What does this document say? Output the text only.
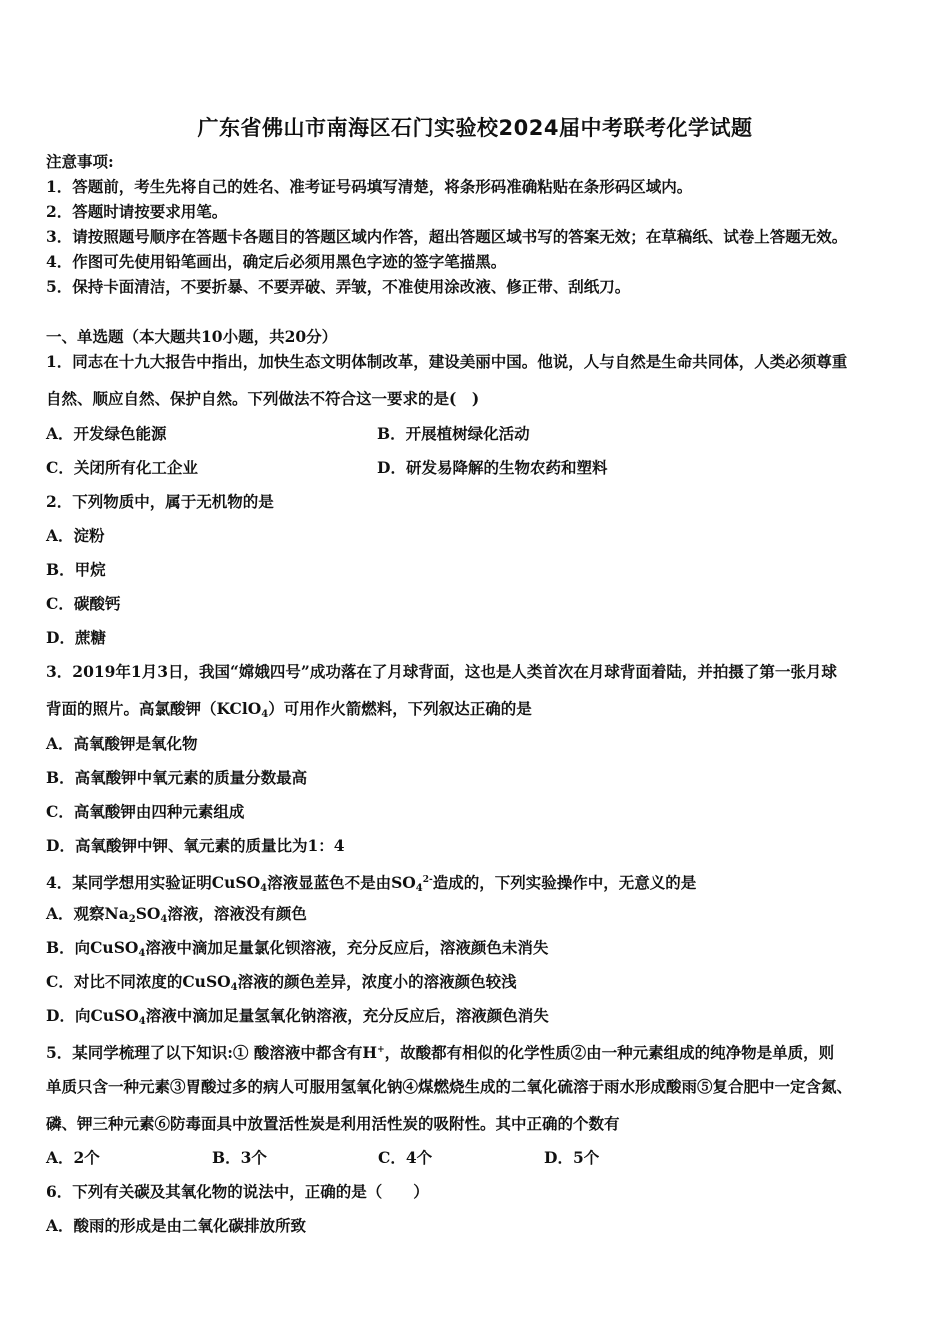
广东省佛山市南海区石门实验校2024届中考联考化学试题
注意事项:
1．答题前，考生先将自己的姓名、准考证号码填写清楚，将条形码准确粘贴在条形码区域内。
2．答题时请按要求用笔。
3．请按照题号顺序在答题卡各题目的答题区域内作答，超出答题区域书写的答案无效；在草稿纸、试卷上答题无效。
4．作图可先使用铅笔画出，确定后必须用黑色字迹的签字笔描黑。
5．保持卡面清洁，不要折暴、不要弄破、弄皱，不准使用涂改液、修正带、刮纸刀。
一、单选题（本大题共10小题，共20分）
1．同志在十九大报告中指出，加快生态文明体制改革，建设美丽中国。他说，人与自然是生命共同体，人类必须尊重
自然、顺应自然、保护自然。下列做法不符合这一要求的是(　)
A．开发绿色能源	B．开展植树绿化活动
C．关闭所有化工企业	D．研发易降解的生物农药和塑料
2．下列物质中，属于无机物的是
A．淀粉
B．甲烷
C．碳酸钙
D．蔗糖
3．2019年1月3日，我国“嫦娥四号”成功落在了月球背面，这也是人类首次在月球背面着陆，并拍摄了第一张月球
背面的照片。高氯酸钾（KClO$_4$）可用作火箭燃料，下列叙达正确的是
A．高氧酸钾是氧化物
B．高氧酸钾中氧元素的质量分数最高
C．高氧酸钾由四种元素组成
D．高氧酸钾中钾、氧元素的质量比为1：4
4．某同学想用实验证明CuSO$_4$溶液显蓝色不是由$SO_4^{2-}$造成的，下列实验操作中，无意义的是
A．观察$Na_2SO_4$溶液，溶液没有颜色
B．向CuSO$_4$溶液中滴加足量氯化钡溶液，充分反应后，溶液颜色未消失
C．对比不同浓度的CuSO$_4$溶液的颜色差异，浓度小的溶液颜色较浅
D．向CuSO$_4$溶液中滴加足量氢氧化钠溶液，充分反应后，溶液颜色消失
5．某同学梳理了以下知识:① 酸溶液中都含有H+，故酸都有相似的化学性质②由一种元素组成的纯净物是单质，则
单质只含一种元素③胃酸过多的病人可服用氢氧化钠④煤燃烧生成的二氧化硫溶于雨水形成酸雨⑤复合肥中一定含氮、
磷、钾三种元素⑥防毒面具中放置活性炭是利用活性炭的吸附性。其中正确的个数有
A．2个	B．3个	C．4个	D．5个
6．下列有关碳及其氧化物的说法中，正确的是（　　）
A．酸雨的形成是由二氧化碳排放所致
